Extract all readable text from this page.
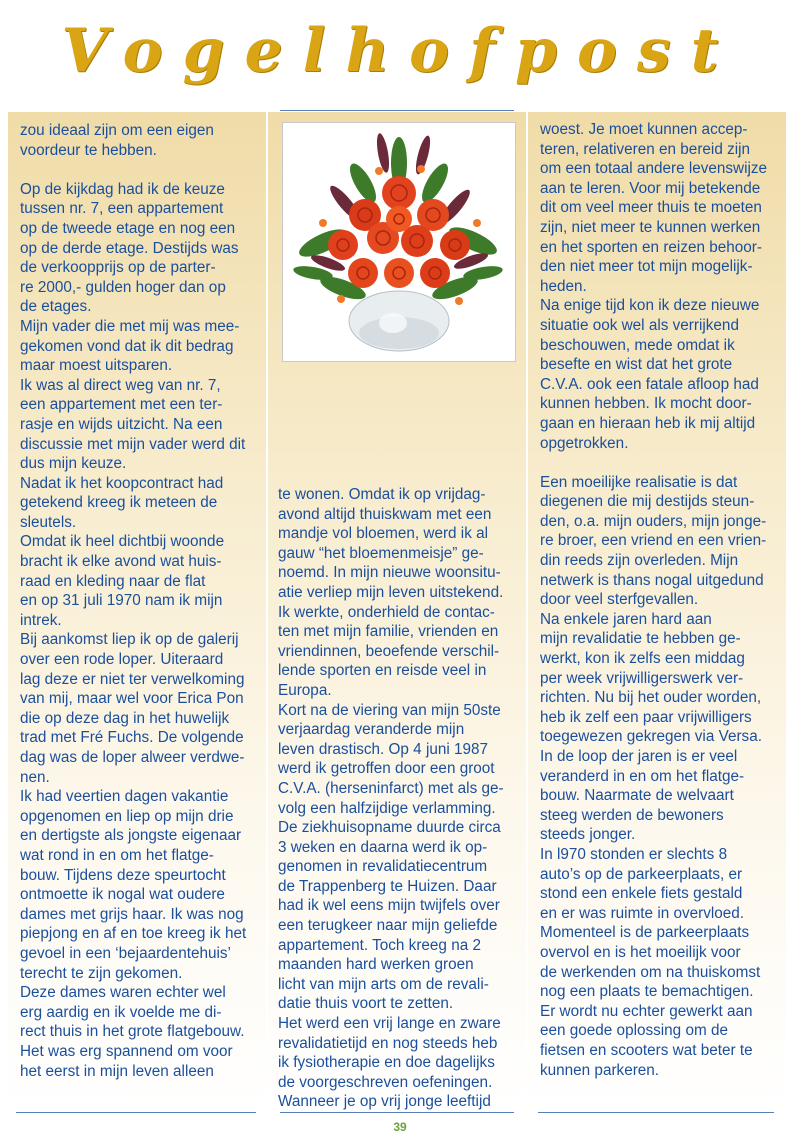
Vogelhofpost

zou ideaal zijn om een eigen
voordeur te hebben.

Op de kijkdag had ik de keuze
tussen nr. 7, een appartement
op de tweede etage en nog een
op de derde etage. Destijds was
de verkoopprijs op de parter-
re 2000,- gulden hoger dan op
de etages.
Mijn vader die met mij was mee-
gekomen vond dat ik dit bedrag
maar moest uitsparen.
Ik was al direct weg van nr. 7,
een appartement met een ter-
rasje en wijds uitzicht. Na een
discussie met mijn vader werd dit
dus mijn keuze.
Nadat ik het koopcontract had
getekend kreeg ik meteen de
sleutels.
Omdat ik heel dichtbij woonde
bracht ik elke avond wat huis-
raad en kleding naar de flat
en op 31 juli 1970 nam ik mijn
intrek.
Bij aankomst liep ik op de galerij
over een rode loper. Uiteraard
lag deze er niet ter verwelkoming
van mij, maar wel voor Erica Pon
die op deze dag in het huwelijk
trad met Fré Fuchs. De volgende
dag was de loper alweer verdwe-
nen.
Ik had veertien dagen vakantie
opgenomen en liep op mijn drie
en dertigste als jongste eigenaar
wat rond in en om het flatge-
bouw. Tijdens deze speurtocht
ontmoette ik nogal wat oudere
dames met grijs haar. Ik was nog
piepjong en af en toe kreeg ik het
gevoel in een ‘bejaardentehuis’
terecht te zijn gekomen.
Deze dames waren echter wel
erg aardig en ik voelde me di-
rect thuis in het grote flatgebouw.
Het was erg spannend om voor
het eerst in mijn leven alleen

te wonen. Omdat ik op vrijdag-
avond altijd thuiskwam met een
mandje vol bloemen, werd ik al
gauw “het bloemenmeisje” ge-
noemd. In mijn nieuwe woonsitu-
atie verliep mijn leven uitstekend.
Ik werkte, onderhield de contac-
ten met mijn familie, vrienden en
vriendinnen, beoefende verschil-
lende sporten en reisde veel in
Europa.
Kort na de viering van mijn 50ste
verjaardag veranderde mijn
leven drastisch. Op 4 juni 1987
werd ik getroffen door een groot
C.V.A. (herseninfarct) met als ge-
volg een halfzijdige verlamming.
De ziekhuisopname duurde circa
3 weken en daarna werd ik op-
genomen in revalidatiecentrum
de Trappenberg te Huizen. Daar
had ik wel eens mijn twijfels over
een terugkeer naar mijn geliefde
appartement. Toch kreeg na 2
maanden hard werken groen
licht van mijn arts om de revali-
datie thuis voort te zetten.
Het werd een vrij lange en zware
revalidatietijd en nog steeds heb
ik fysiotherapie en doe dagelijks
de voorgeschreven oefeningen.
Wanneer je op vrij jonge leeftijd

woest. Je moet kunnen accep-
teren, relativeren en bereid zijn
om een totaal andere levenswijze
aan te leren. Voor mij betekende
dit om veel meer thuis te moeten
zijn, niet meer te kunnen werken
en het sporten en reizen behoor-
den niet meer tot mijn mogelijk-
heden.
Na enige tijd kon ik deze nieuwe
situatie ook wel als verrijkend
beschouwen, mede omdat ik
besefte en wist dat het grote
C.V.A. ook een fatale afloop had
kunnen hebben. Ik mocht door-
gaan en hieraan heb ik mij altijd
opgetrokken.

Een moeilijke realisatie is dat
diegenen die mij destijds steun-
den, o.a. mijn ouders, mijn jonge-
re broer, een vriend en een vrien-
din reeds zijn overleden. Mijn
netwerk is thans nogal uitgedund
door veel sterfgevallen.
Na enkele jaren hard aan
mijn revalidatie te hebben ge-
werkt, kon ik zelfs een middag
per week vrijwilligerswerk ver-
richten. Nu bij het ouder worden,
heb ik zelf een paar vrijwilligers
toegewezen gekregen via Versa.
In de loop der jaren is er veel
veranderd in en om het flatge-
bouw. Naarmate de welvaart
steeg werden de bewoners
steeds jonger.
In l970 stonden er slechts 8
auto’s op de parkeerplaats, er
stond een enkele fiets gestald
en er was ruimte in overvloed.
Momenteel is de parkeerplaats
overvol en is het moeilijk voor
de werkenden om na thuiskomst
nog een plaats te bemachtigen.
Er wordt nu echter gewerkt aan
een goede oplossing om de
fietsen en scooters wat beter te
kunnen parkeren.

39
